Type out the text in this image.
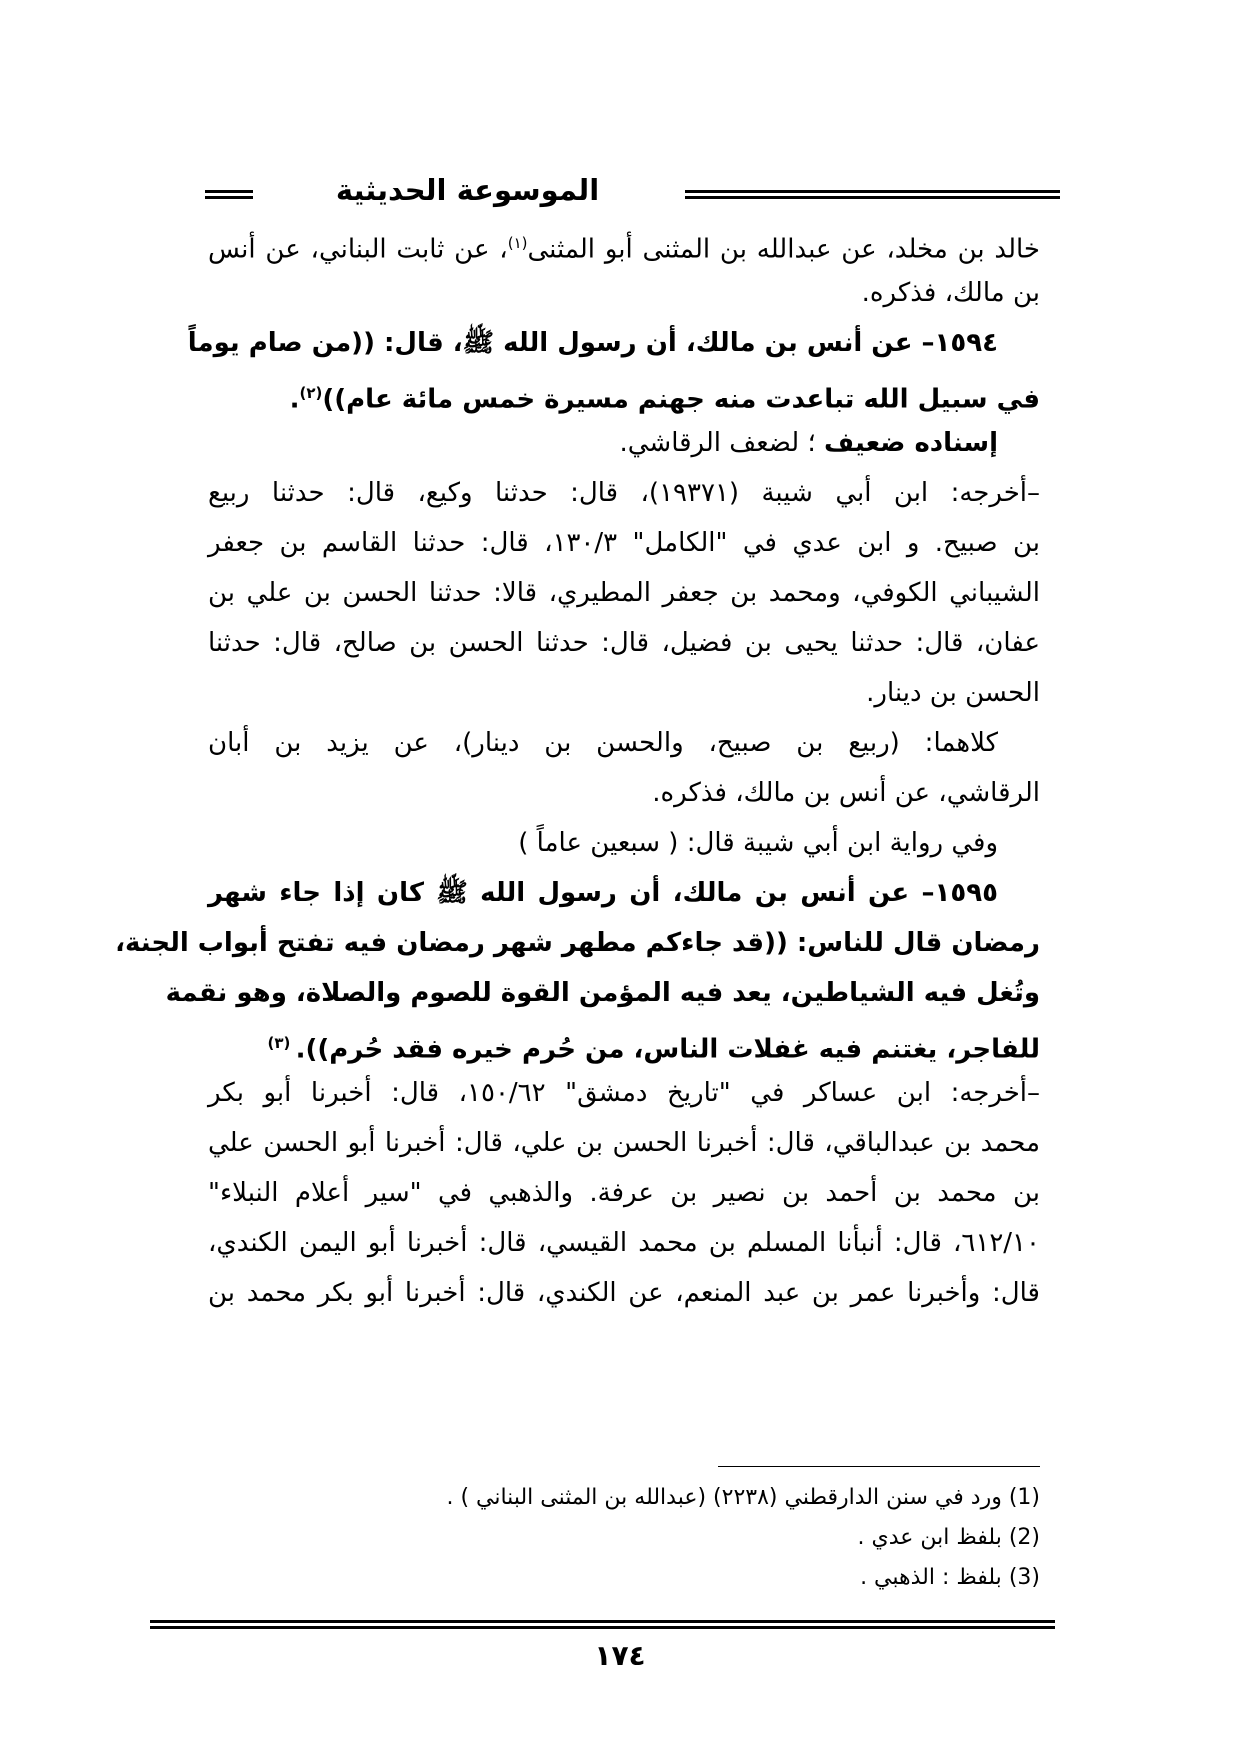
الموسوعة الحديثية
خالد بن مخلد، عن عبدالله بن المثنى أبو المثنى$^{(١)}$، عن ثابت البناني، عن أنس
بن مالك، فذكره.
١٥٩٤– عن أنس بن مالك، أن رسول الله ﷺ، قال: ((من صام يوماً
في سبيل الله تباعدت منه جهنم مسيرة خمس مائة عام))$^{(٢)}$.
إسناده ضعيف ؛ لضعف الرقاشي.
–أخرجه: ابن أبي شيبة (١٩٣٧١)، قال: حدثنا وكيع، قال: حدثنا ربيع
بن صبيح. و ابن عدي في "الكامل" ١٣٠/٣، قال: حدثنا القاسم بن جعفر
الشيباني الكوفي، ومحمد بن جعفر المطيري، قالا: حدثنا الحسن بن علي بن
عفان، قال: حدثنا يحيى بن فضيل، قال: حدثنا الحسن بن صالح، قال: حدثنا
الحسن بن دينار.
كلاهما: (ربيع بن صبيح، والحسن بن دينار)، عن يزيد بن أبان
الرقاشي، عن أنس بن مالك، فذكره.
وفي رواية ابن أبي شيبة قال: ( سبعين عاماً )
١٥٩٥– عن أنس بن مالك، أن رسول الله ﷺ كان إذا جاء شهر
رمضان قال للناس: ((قد جاءكم مطهر شهر رمضان فيه تفتح أبواب الجنة،
وتُغل فيه الشياطين، يعد فيه المؤمن القوة للصوم والصلاة، وهو نقمة
للفاجر، يغتنم فيه غفلات الناس، من حُرم خيره فقد حُرم)). $^{(٣)}$
–أخرجه: ابن عساكر في "تاريخ دمشق" ١٥٠/٦٢، قال: أخبرنا أبو بكر
محمد بن عبدالباقي، قال: أخبرنا الحسن بن علي، قال: أخبرنا أبو الحسن علي
بن محمد بن أحمد بن نصير بن عرفة. والذهبي في "سير أعلام النبلاء"
٦١٢/١٠، قال: أنبأنا المسلم بن محمد القيسي، قال: أخبرنا أبو اليمن الكندي،
قال: وأخبرنا عمر بن عبد المنعم، عن الكندي، قال: أخبرنا أبو بكر محمد بن
(1) ورد في سنن الدارقطني (٢٢٣٨) (عبدالله بن المثنى البناني ) .
(2) بلفظ ابن عدي .
(3) بلفظ : الذهبي .
١٧٤
